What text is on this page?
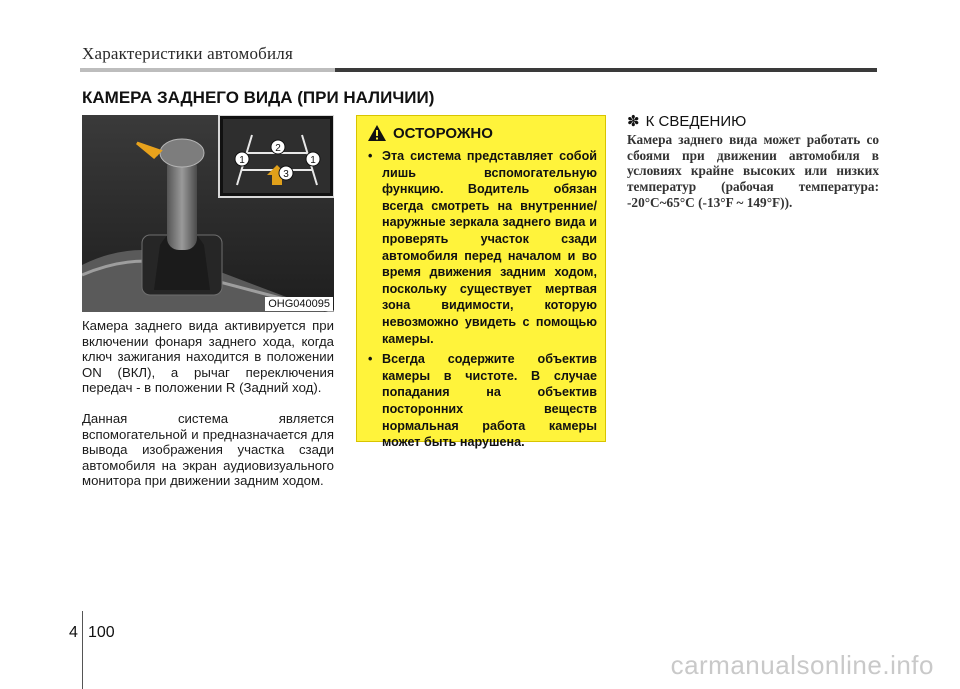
Характеристики автомобиля
КАМЕРА ЗАДНЕГО ВИДА (ПРИ НАЛИЧИИ)
1
2
3
1
OHG040095

Камера заднего вида активируется при включении фонаря заднего хода, когда ключ зажигания находится в положении ON (ВКЛ), а рычаг переключения передач - в положении R (Задний ход).

Данная система является вспомогательной и предназначается для вывода изображения участка сзади автомобиля на экран аудиовизуального монитора при движении задним ходом.

ОСТОРОЖНО
• Эта система представляет собой лишь вспомогательную функцию. Водитель обязан всегда смотреть на внутренние/наружные зеркала заднего вида и проверять участок сзади автомобиля перед началом и во время движения задним ходом, поскольку существует мертвая зона видимости, которую невозможно увидеть с помощью камеры.
• Всегда содержите объектив камеры в чистоте. В случае попадания на объектив посторонних веществ нормальная работа камеры может быть нарушена.
✽ К СВЕДЕНИЮ

Камера заднего вида может работать со сбоями при движении автомобиля в условиях крайне высоких или низких температур (рабочая температура: -20°C~65°C (-13°F ~ 149°F)).

4 100
carmanualsonline.info
